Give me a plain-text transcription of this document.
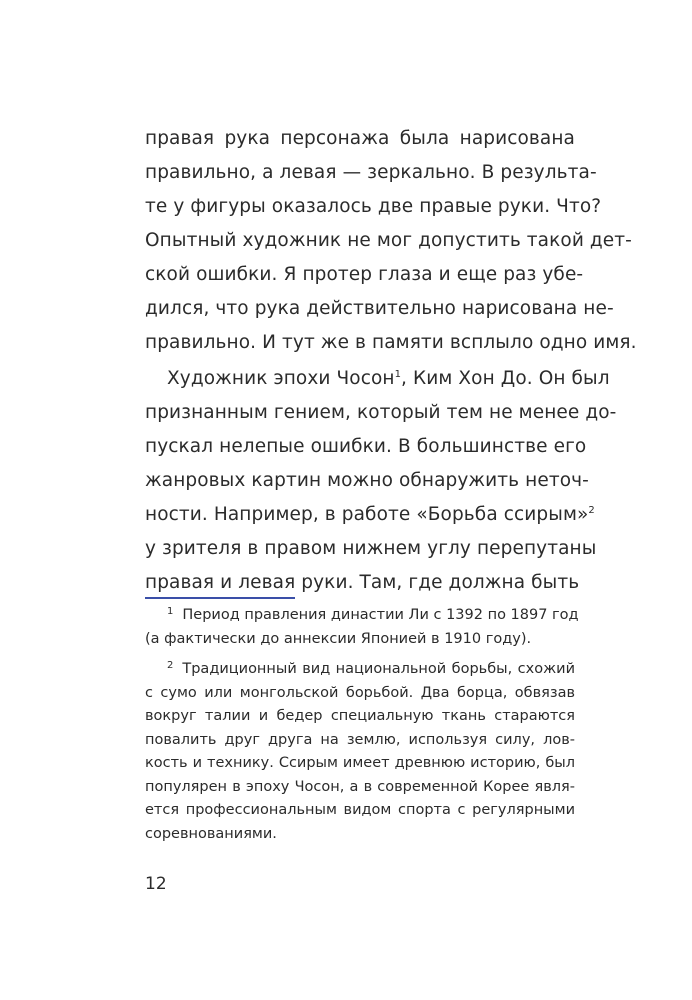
правая рука персонажа была нарисована
правильно, а левая — зеркально. В результа-
те у фигуры оказалось две правые руки. Что?
Опытный художник не мог допустить такой дет-
ской ошибки. Я протер глаза и еще раз убе-
дился, что рука действительно нарисована не-
правильно. И тут же в памяти всплыло одно имя.
Художник эпохи Чосон$^1$, Ким Хон До. Он был
признанным гением, который тем не менее до-
пускал нелепые ошибки. В большинстве его
жанровых картин можно обнаружить неточ-
ности. Например, в работе «Борьба ссирым»$^2$
у зрителя в правом нижнем углу перепутаны
правая и левая руки. Там, где должна быть
$^1$ Период правления династии Ли с 1392 по 1897 год
(а фактически до аннексии Японией в 1910 году).
$^2$ Традиционный вид национальной борьбы, схожий
с сумо или монгольской борьбой. Два борца, обвязав
вокруг талии и бедер специальную ткань стараются
повалить друг друга на землю, используя силу, лов-
кость и технику. Ссирым имеет древнюю историю, был
популярен в эпоху Чосон, а в современной Корее явля-
ется профессиональным видом спорта с регулярными
соревнованиями.
12
